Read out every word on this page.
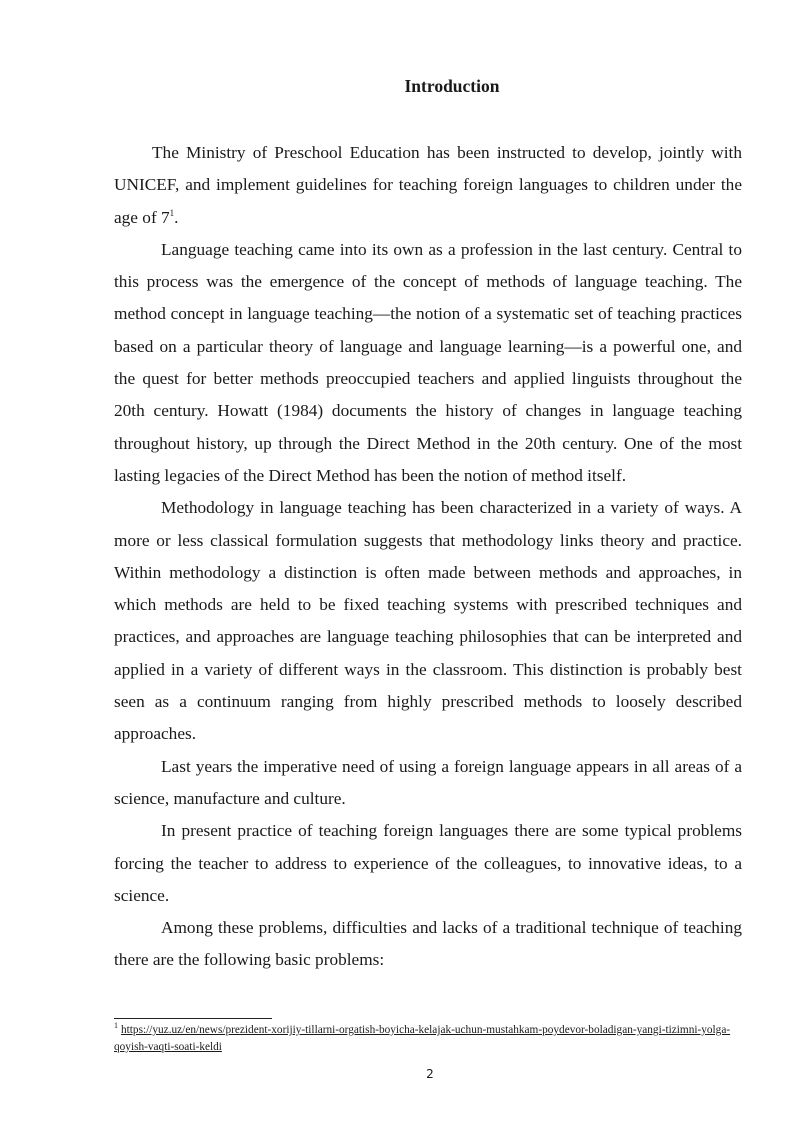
Introduction

The Ministry of Preschool Education has been instructed to develop, jointly with UNICEF, and implement guidelines for teaching foreign languages to children under the age of 7$^1$.

Language teaching came into its own as a profession in the last century. Central to this process was the emergence of the concept of methods of language teaching. The method concept in language teaching—the notion of a systematic set of teaching practices based on a particular theory of language and language learning—is a powerful one, and the quest for better methods preoccupied teachers and applied linguists throughout the 20th century. Howatt (1984) documents the history of changes in language teaching throughout history, up through the Direct Method in the 20th century. One of the most lasting legacies of the Direct Method has been the notion of method itself.

Methodology in language teaching has been characterized in a variety of ways. A more or less classical formulation suggests that methodology links theory and practice. Within methodology a distinction is often made between methods and approaches, in which methods are held to be fixed teaching systems with prescribed techniques and practices, and approaches are language teaching philosophies that can be interpreted and applied in a variety of different ways in the classroom. This distinction is probably best seen as a continuum ranging from highly prescribed methods to loosely described approaches.

Last years the imperative need of using a foreign language appears in all areas of a science, manufacture and culture.

In present practice of teaching foreign languages there are some typical problems forcing the teacher to address to experience of the colleagues, to innovative ideas, to a science.

Among these problems, difficulties and lacks of a traditional technique of teaching there are the following basic problems:

$^1$ https://yuz.uz/en/news/prezident-xorijiy-tillarni-orgatish-boyicha-kelajak-uchun-mustahkam-poydevor-boladigan-yangi-tizimni-yolga-qoyish-vaqti-soati-keldi
2
